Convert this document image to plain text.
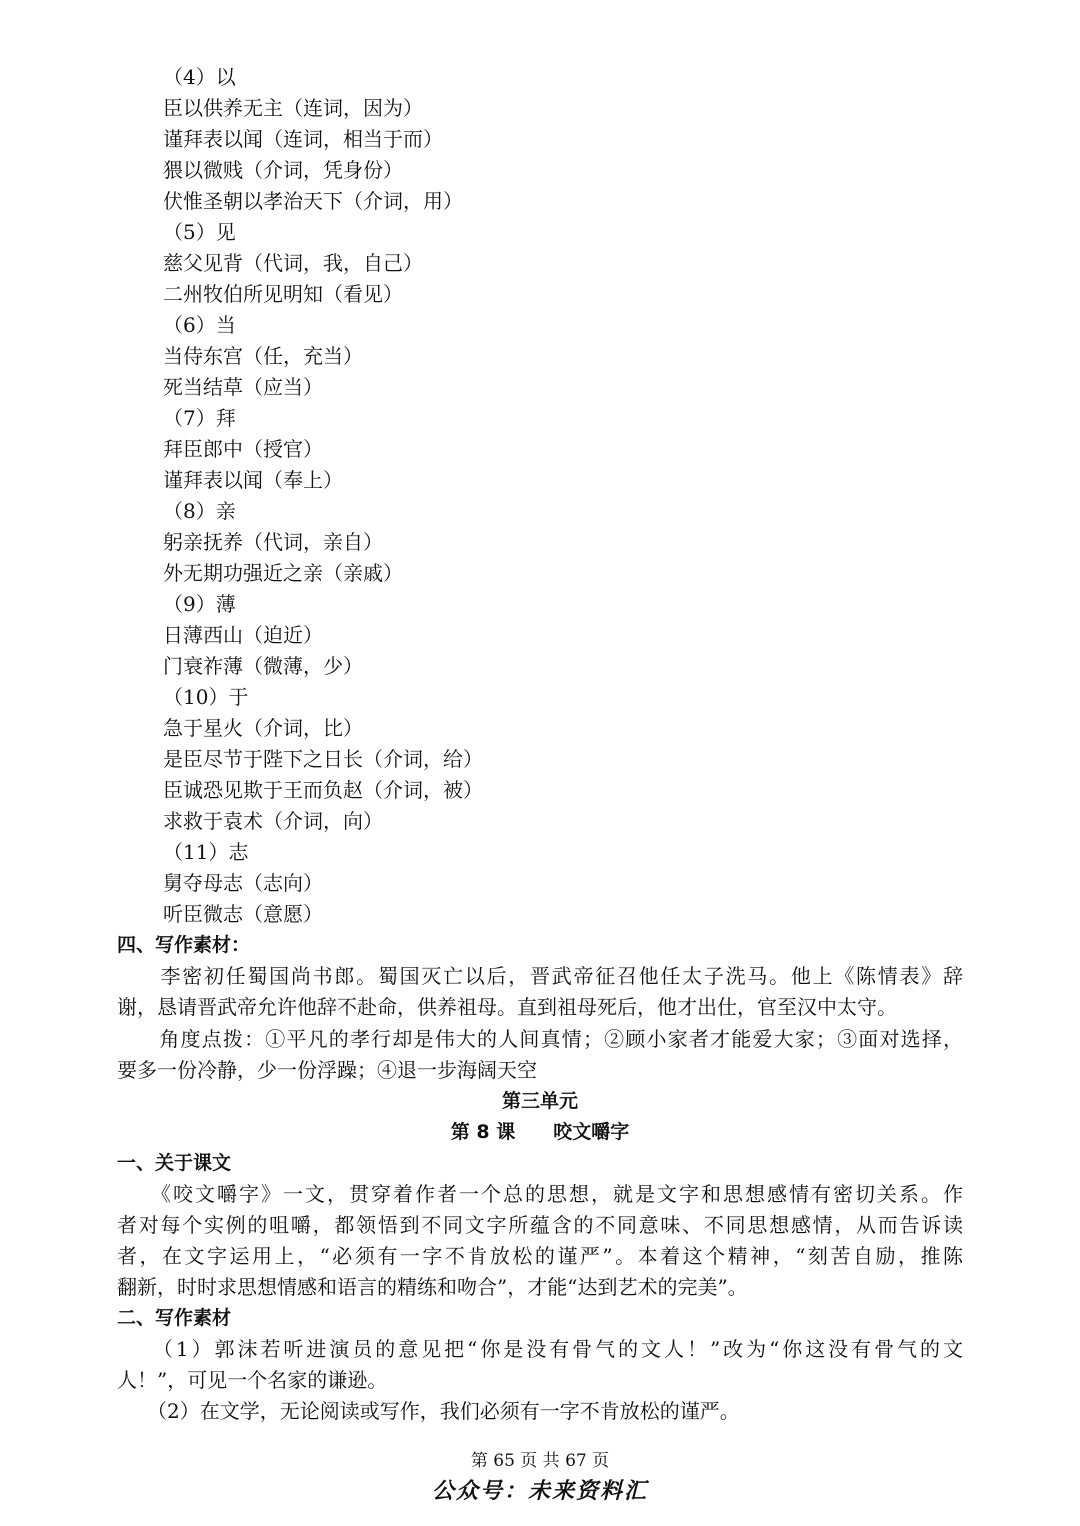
（4）以
臣以供养无主（连词，因为）
谨拜表以闻（连词，相当于而）
猥以微贱（介词，凭身份）
伏惟圣朝以孝治天下（介词，用）
（5）见
慈父见背（代词，我，自己）
二州牧伯所见明知（看见）
（6）当
当侍东宫（任，充当）
死当结草（应当）
（7）拜
拜臣郎中（授官）
谨拜表以闻（奉上）
（8）亲
躬亲抚养（代词，亲自）
外无期功强近之亲（亲戚）
（9）薄
日薄西山（迫近）
门衰祚薄（微薄，少）
（10）于
急于星火（介词，比）
是臣尽节于陛下之日长（介词，给）
臣诚恐见欺于王而负赵（介词，被）
求救于袁术（介词，向）
（11）志
舅夺母志（志向）
听臣微志（意愿）
四、写作素材：
　　李密初任蜀国尚书郎。蜀国灭亡以后，晋武帝征召他任太子洗马。他上《陈情表》辞
谢，恳请晋武帝允许他辞不赴命，供养祖母。直到祖母死后，他才出仕，官至汉中太守。
　　角度点拨：①平凡的孝行却是伟大的人间真情；②顾小家者才能爱大家；③面对选择，
要多一份冷静，少一份浮躁；④退一步海阔天空
第三单元
第 8 课　　咬文嚼字
一、关于课文
　　《咬文嚼字》一文，贯穿着作者一个总的思想，就是文字和思想感情有密切关系。作
者对每个实例的咀嚼，都领悟到不同文字所蕴含的不同意味、不同思想感情，从而告诉读
者，在文字运用上，“必须有一字不肯放松的谨严”。本着这个精神，“刻苦自励，推陈
翻新，时时求思想情感和语言的精练和吻合”，才能“达到艺术的完美”。
二、写作素材
　　（1）郭沫若听进演员的意见把“你是没有骨气的文人！”改为“你这没有骨气的文
人！”，可见一个名家的谦逊。
　　（2）在文学，无论阅读或写作，我们必须有一字不肯放松的谨严。
第 65 页 共 67 页
公众号：未来资料汇
